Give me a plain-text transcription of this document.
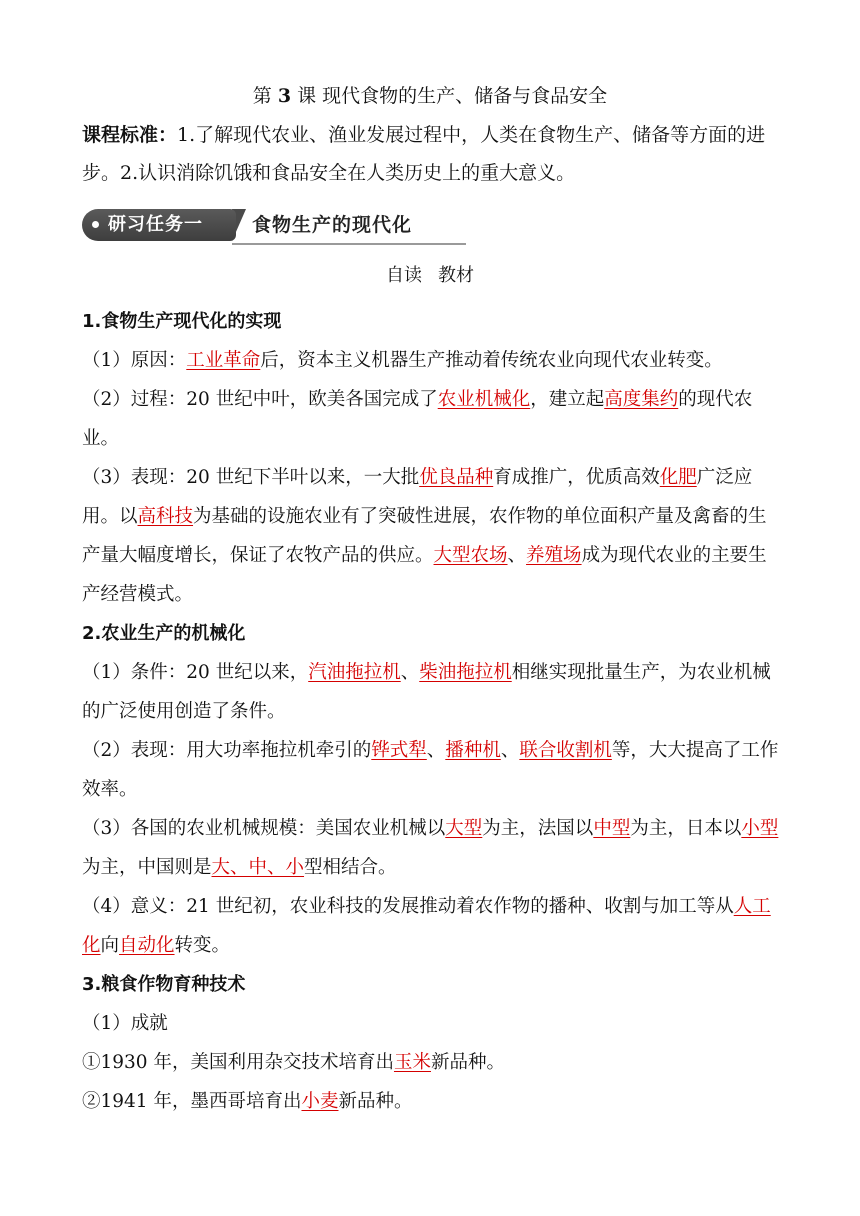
第 3 课 现代食物的生产、储备与食品安全
课程标准：1.了解现代农业、渔业发展过程中，人类在食物生产、储备等方面的进步。2.认识消除饥饿和食品安全在人类历史上的重大意义。
研习任务一	食物生产的现代化
自读 教材
1.食物生产现代化的实现
（1）原因：工业革命后，资本主义机器生产推动着传统农业向现代农业转变。
（2）过程：20 世纪中叶，欧美各国完成了农业机械化，建立起高度集约的现代农业。
（3）表现：20 世纪下半叶以来，一大批优良品种育成推广，优质高效化肥广泛应用。以高科技为基础的设施农业有了突破性进展，农作物的单位面积产量及禽畜的生产量大幅度增长，保证了农牧产品的供应。大型农场、养殖场成为现代农业的主要生产经营模式。
2.农业生产的机械化
（1）条件：20 世纪以来，汽油拖拉机、柴油拖拉机相继实现批量生产，为农业机械的广泛使用创造了条件。
（2）表现：用大功率拖拉机牵引的铧式犁、播种机、联合收割机等，大大提高了工作效率。
（3）各国的农业机械规模：美国农业机械以大型为主，法国以中型为主，日本以小型为主，中国则是大、中、小型相结合。
（4）意义：21 世纪初，农业科技的发展推动着农作物的播种、收割与加工等从人工化向自动化转变。
3.粮食作物育种技术
（1）成就
①1930 年，美国利用杂交技术培育出玉米新品种。
②1941 年，墨西哥培育出小麦新品种。
